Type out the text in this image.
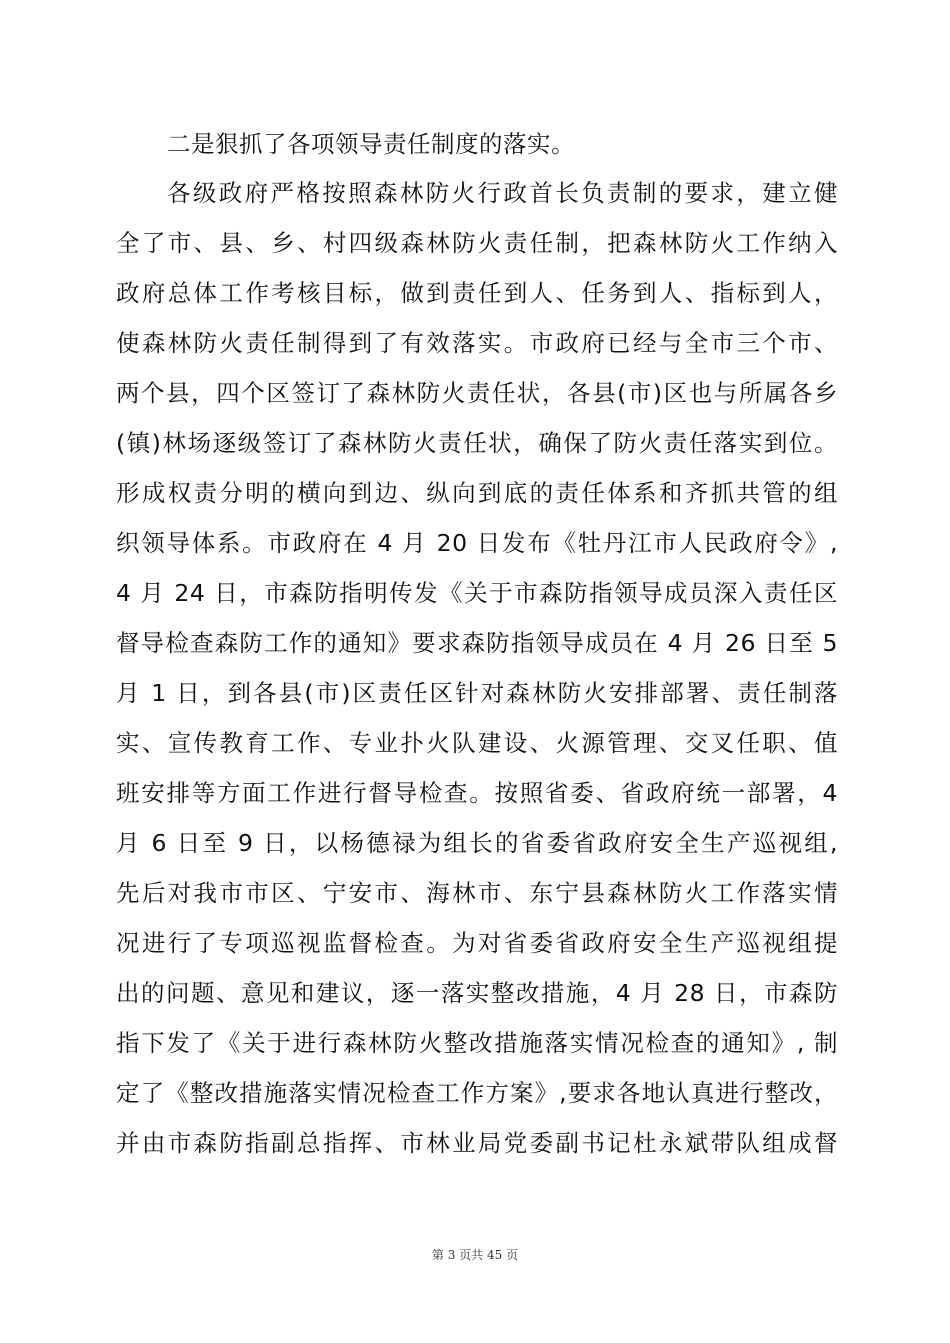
二是狠抓了各项领导责任制度的落实。
各级政府严格按照森林防火行政首长负责制的要求，建立健
全了市、县、乡、村四级森林防火责任制，把森林防火工作纳入
政府总体工作考核目标，做到责任到人、任务到人、指标到人，
使森林防火责任制得到了有效落实。市政府已经与全市三个市、
两个县，四个区签订了森林防火责任状，各县(市)区也与所属各乡
(镇)林场逐级签订了森林防火责任状，确保了防火责任落实到位。
形成权责分明的横向到边、纵向到底的责任体系和齐抓共管的组
织领导体系。市政府在 4 月 20 日发布《牡丹江市人民政府令》,
4 月 24 日，市森防指明传发《关于市森防指领导成员深入责任区
督导检查森防工作的通知》要求森防指领导成员在 4 月 26 日至 5
月 1 日，到各县(市)区责任区针对森林防火安排部署、责任制落
实、宣传教育工作、专业扑火队建设、火源管理、交叉任职、值
班安排等方面工作进行督导检查。按照省委、省政府统一部署，4
月 6 日至 9 日，以杨德禄为组长的省委省政府安全生产巡视组,
先后对我市市区、宁安市、海林市、东宁县森林防火工作落实情
况进行了专项巡视监督检查。为对省委省政府安全生产巡视组提
出的问题、意见和建议，逐一落实整改措施，4 月 28 日，市森防
指下发了《关于进行森林防火整改措施落实情况检查的通知》, 制
定了《整改措施落实情况检查工作方案》,要求各地认真进行整改，
并由市森防指副总指挥、市林业局党委副书记杜永斌带队组成督
第 3 页共 45 页
